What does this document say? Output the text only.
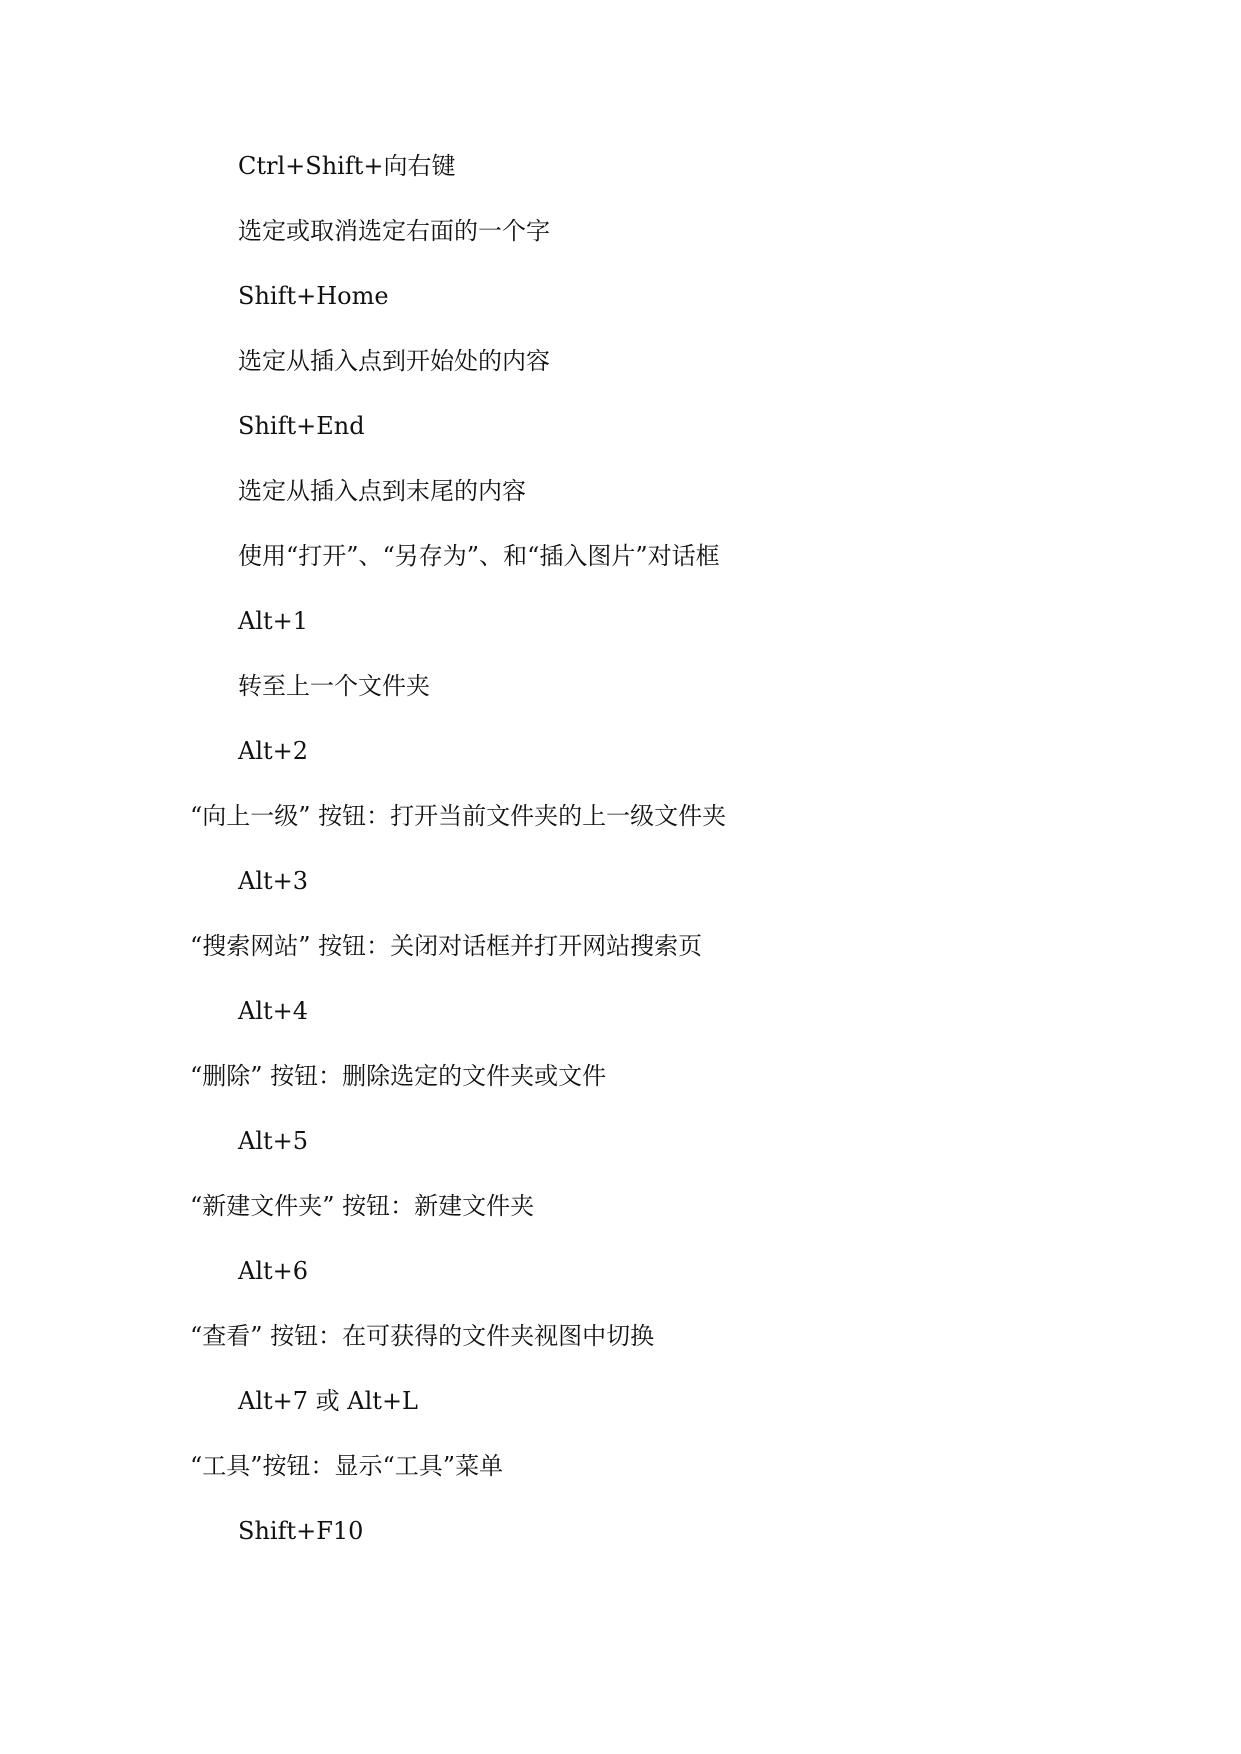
Ctrl+Shift+向右键
选定或取消选定右面的一个字
Shift+Home
选定从插入点到开始处的内容
Shift+End
选定从插入点到末尾的内容
使用“打开”、“另存为”、和“插入图片”对话框
Alt+1
转至上一个文件夹
Alt+2
“向上一级” 按钮：打开当前文件夹的上一级文件夹
Alt+3
“搜索网站” 按钮：关闭对话框并打开网站搜索页
Alt+4
“删除” 按钮：删除选定的文件夹或文件
Alt+5
“新建文件夹” 按钮：新建文件夹
Alt+6
“查看” 按钮：在可获得的文件夹视图中切换
Alt+7 或 Alt+L
“工具”按钮：显示“工具”菜单
Shift+F10
